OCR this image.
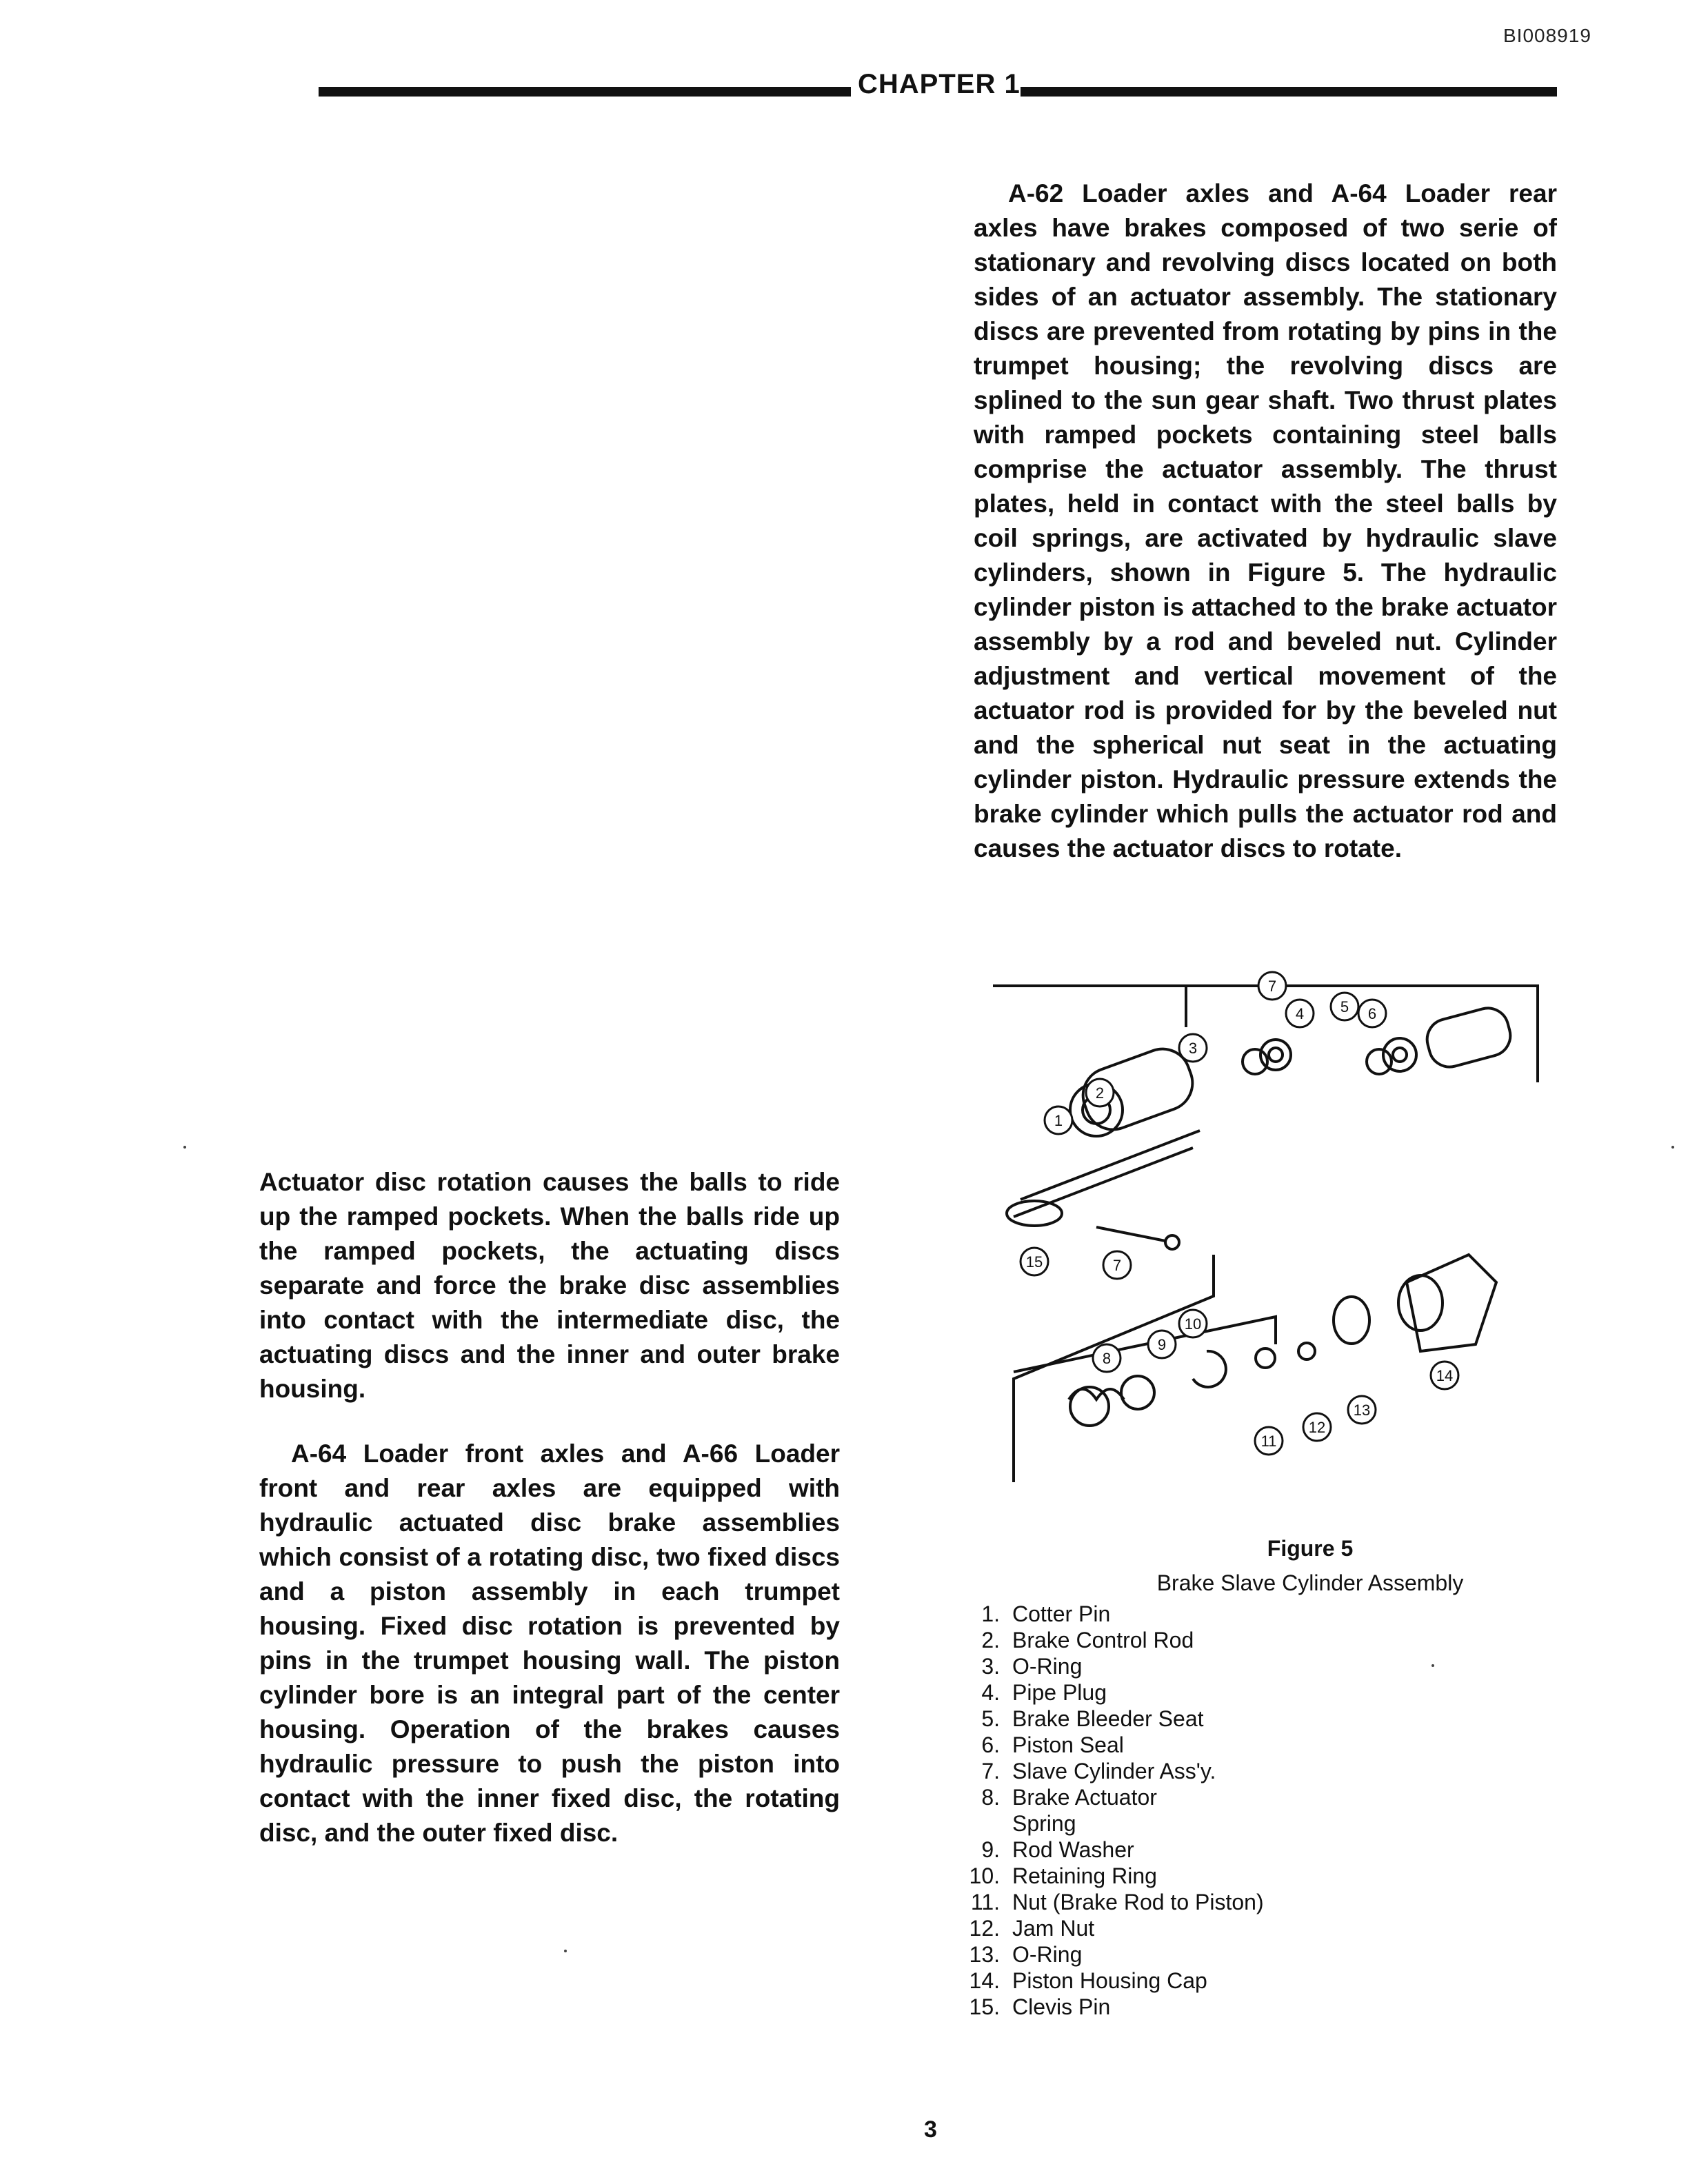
BI008919
CHAPTER 1
A-62 Loader axles and A-64 Loader rear axles have brakes composed of two serie of stationary and revolving discs located on both sides of an actuator assembly. The stationary discs are prevented from rotating by pins in the trumpet housing; the revolving discs are splined to the sun gear shaft. Two thrust plates with ramped pockets containing steel balls comprise the actuator assembly. The thrust plates, held in contact with the steel balls by coil springs, are activated by hydraulic slave cylinders, shown in Figure 5. The hydraulic cylinder piston is attached to the brake actuator assembly by a rod and beveled nut. Cylinder adjustment and vertical movement of the actuator rod is provided for by the beveled nut and the spherical nut seat in the actuating cylinder piston. Hydraulic pressure extends the brake cylinder which pulls the actuator rod and causes the actuator discs to rotate.
Actuator disc rotation causes the balls to ride up the ramped pockets. When the balls ride up the ramped pockets, the actuating discs separate and force the brake disc assemblies into contact with the intermediate disc, the actuating discs and the inner and outer brake housing.
A-64 Loader front axles and A-66 Loader front and rear axles are equipped with hydraulic actuated disc brake assemblies which consist of a rotating disc, two fixed discs and a piston assembly in each trumpet housing. Fixed disc rotation is prevented by pins in the trumpet housing wall. The piston cylinder bore is an integral part of the center housing. Operation of the brakes causes hydraulic pressure to push the piston into contact with the inner fixed disc, the rotating disc, and the outer fixed disc.
7
4 5 6
3
2
1
15	7
10
9
8
14
13
12
11
Figure 5
Brake Slave Cylinder Assembly
1. Cotter Pin
2. Brake Control Rod
3. O-Ring
4. Pipe Plug
5. Brake Bleeder Seat
6. Piston Seal
7. Slave Cylinder Ass'y.
8. Brake Actuator
Spring
9. Rod Washer
10. Retaining Ring
11. Nut (Brake Rod to Piston)
12. Jam Nut
13. O-Ring
14. Piston Housing Cap
15. Clevis Pin
3
